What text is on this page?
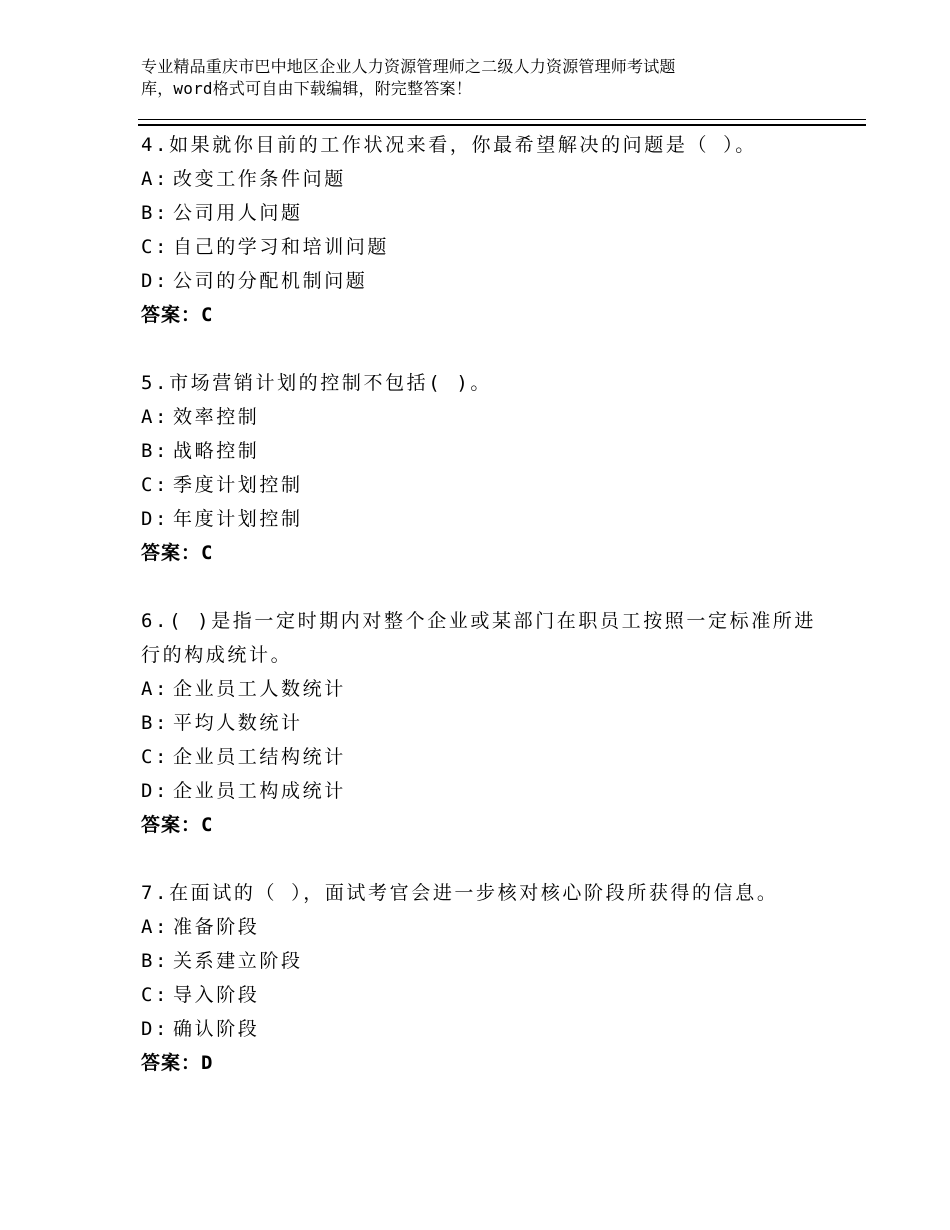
专业精品重庆市巴中地区企业人力资源管理师之二级人力资源管理师考试题
库，word格式可自由下载编辑，附完整答案！
4.如果就你目前的工作状况来看，你最希望解决的问题是（ ）。
A: 改变工作条件问题
B: 公司用人问题
C: 自己的学习和培训问题
D: 公司的分配机制问题
答案：C
5.市场营销计划的控制不包括( )。
A: 效率控制
B: 战略控制
C: 季度计划控制
D: 年度计划控制
答案：C
6.( )是指一定时期内对整个企业或某部门在职员工按照一定标准所进
行的构成统计。
A: 企业员工人数统计
B: 平均人数统计
C: 企业员工结构统计
D: 企业员工构成统计
答案：C
7.在面试的（ ），面试考官会进一步核对核心阶段所获得的信息。
A: 准备阶段
B: 关系建立阶段
C: 导入阶段
D: 确认阶段
答案：D
